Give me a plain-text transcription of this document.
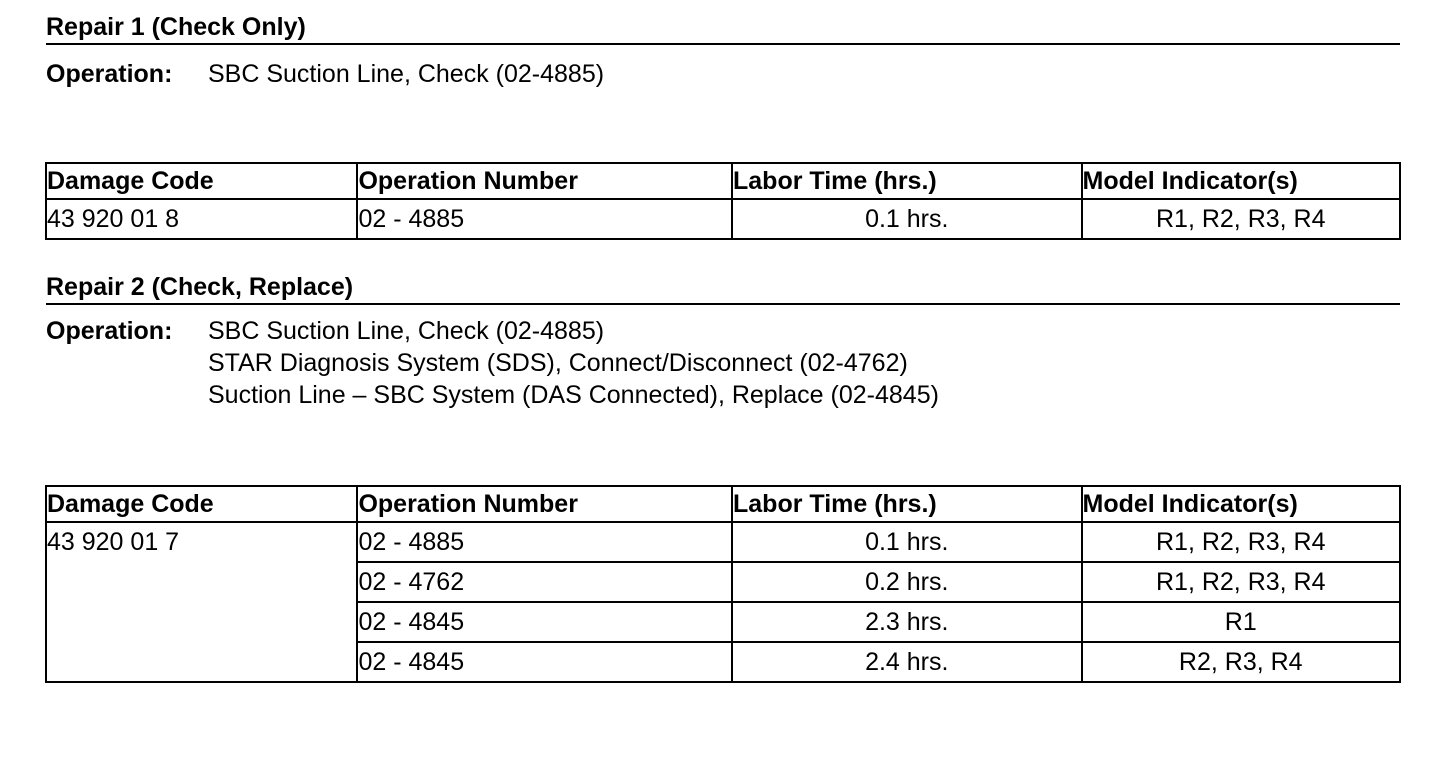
Repair 1 (Check Only)
Operation: SBC Suction Line, Check (02-4885)
Damage Code	Operation Number	Labor Time (hrs.)	Model Indicator(s)
43 920 01 8	02 - 4885	0.1 hrs.	R1, R2, R3, R4
Repair 2 (Check, Replace)
Operation: SBC Suction Line, Check (02-4885)
STAR Diagnosis System (SDS), Connect/Disconnect (02-4762)
Suction Line – SBC System (DAS Connected), Replace (02-4845)
Damage Code	Operation Number	Labor Time (hrs.)	Model Indicator(s)
43 920 01 7	02 - 4885	0.1 hrs.	R1, R2, R3, R4
	02 - 4762	0.2 hrs.	R1, R2, R3, R4
	02 - 4845	2.3 hrs.	R1
	02 - 4845	2.4 hrs.	R2, R3, R4
